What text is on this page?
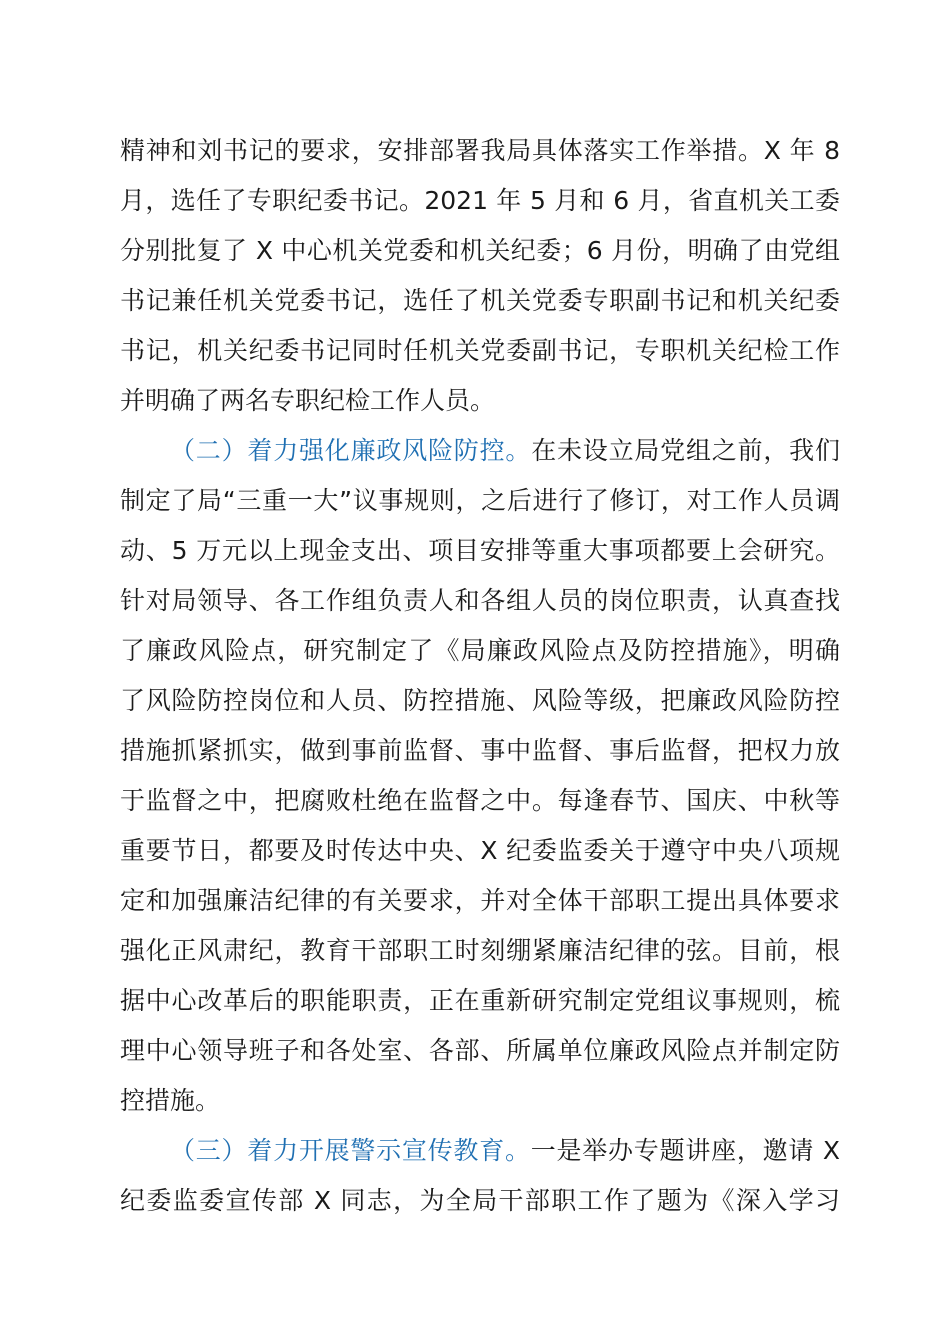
精神和刘书记的要求，安排部署我局具体落实工作举措。X 年 8
月，选任了专职纪委书记。2021 年 5 月和 6 月，省直机关工委
分别批复了 X 中心机关党委和机关纪委；6 月份，明确了由党组
书记兼任机关党委书记，选任了机关党委专职副书记和机关纪委
书记，机关纪委书记同时任机关党委副书记，专职机关纪检工作
并明确了两名专职纪检工作人员。
（二）着力强化廉政风险防控。在未设立局党组之前，我们
制定了局“三重一大”议事规则，之后进行了修订，对工作人员调
动、5 万元以上现金支出、项目安排等重大事项都要上会研究。
针对局领导、各工作组负责人和各组人员的岗位职责，认真查找
了廉政风险点，研究制定了《局廉政风险点及防控措施》，明确
了风险防控岗位和人员、防控措施、风险等级，把廉政风险防控
措施抓紧抓实，做到事前监督、事中监督、事后监督，把权力放
于监督之中，把腐败杜绝在监督之中。每逢春节、国庆、中秋等
重要节日，都要及时传达中央、X 纪委监委关于遵守中央八项规
定和加强廉洁纪律的有关要求，并对全体干部职工提出具体要求
强化正风肃纪，教育干部职工时刻绷紧廉洁纪律的弦。目前，根
据中心改革后的职能职责，正在重新研究制定党组议事规则，梳
理中心领导班子和各处室、各部、所属单位廉政风险点并制定防
控措施。
（三）着力开展警示宣传教育。一是举办专题讲座，邀请 X
纪委监委宣传部 X 同志，为全局干部职工作了题为《深入学习
